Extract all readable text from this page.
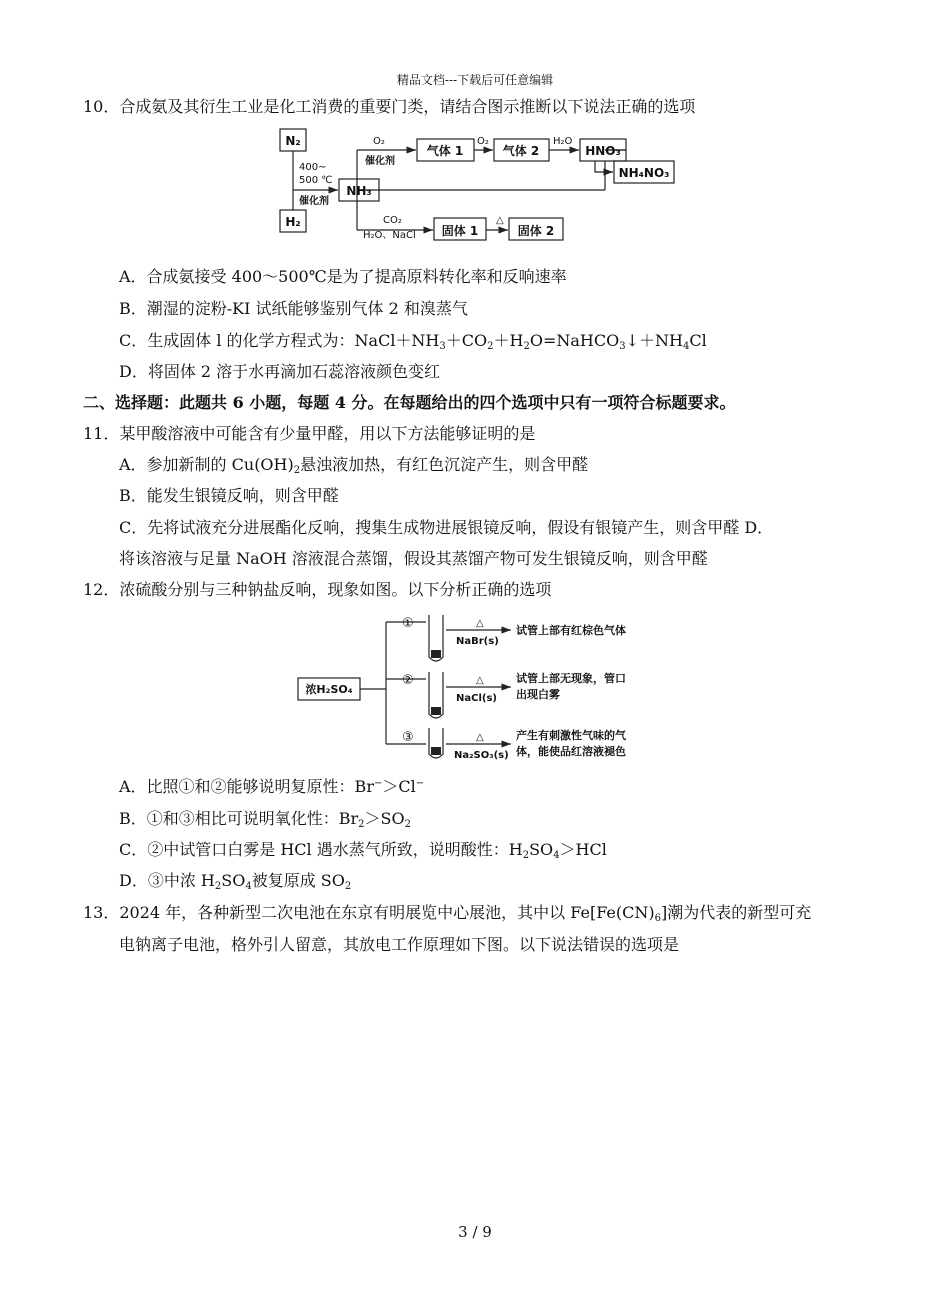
精品文档---下载后可任意编辑
10．合成氨及其衍生工业是化工消费的重要门类，请结合图示推断以下说法正确的选项
N₂
H₂
400~
500 ℃
催化剂
NH₃
O₂
催化剂
气体 1
O₂
气体 2
H₂O
HNO₃
NH₄NO₃
CO₂
H₂O、NaCl 固体 1
△
固体 2
A．合成氨接受 400～500℃是为了提高原料转化率和反响速率
B．潮湿的淀粉-KI 试纸能够鉴别气体 2 和溴蒸气
C．生成固体 l 的化学方程式为：$NaCl+NH_3+CO_2+H_2O=NaHCO_3↓+NH_4Cl$
D．将固体 2 溶于水再滴加石蕊溶液颜色变红
二、选择题：此题共 6 小题，每题 4 分。在每题给出的四个选项中只有一项符合标题要求。
11．某甲酸溶液中可能含有少量甲醛，用以下方法能够证明的是
A．参加新制的 $Cu(OH)_2$悬浊液加热，有红色沉淀产生，则含甲醛
B．能发生银镜反响，则含甲醛
C．先将试液充分进展酯化反响，搜集生成物进展银镜反响，假设有银镜产生，则含甲醛 D．
将该溶液与足量 NaOH 溶液混合蒸馏，假设其蒸馏产物可发生银镜反响，则含甲醛
12．浓硫酸分别与三种钠盐反响，现象如图。以下分析正确的选项
浓H₂SO₄
①
②
③
△
△
△
NaBr(s)
NaCl(s)
Na₂SO₃(s)
试管上部有红棕色气体
试管上部无现象，管口
出现白雾
产生有刺激性气味的气
体，能使品红溶液褪色
A．比照①和②能够说明复原性：Br−＞Cl−
B．①和③相比可说明氧化性：$Br_2>SO_2$
C．②中试管口白雾是 HCl 遇水蒸气所致，说明酸性：$H_2SO_4>HCl$
D．③中浓 $H_2SO_4$被复原成 $SO_2$
13．2024 年，各种新型二次电池在东京有明展览中心展池，其中以 $Fe[Fe(CN)_6]$潮为代表的新型可充
电钠离子电池，格外引人留意，其放电工作原理如下图。以下说法错误的选项是
3 / 9
